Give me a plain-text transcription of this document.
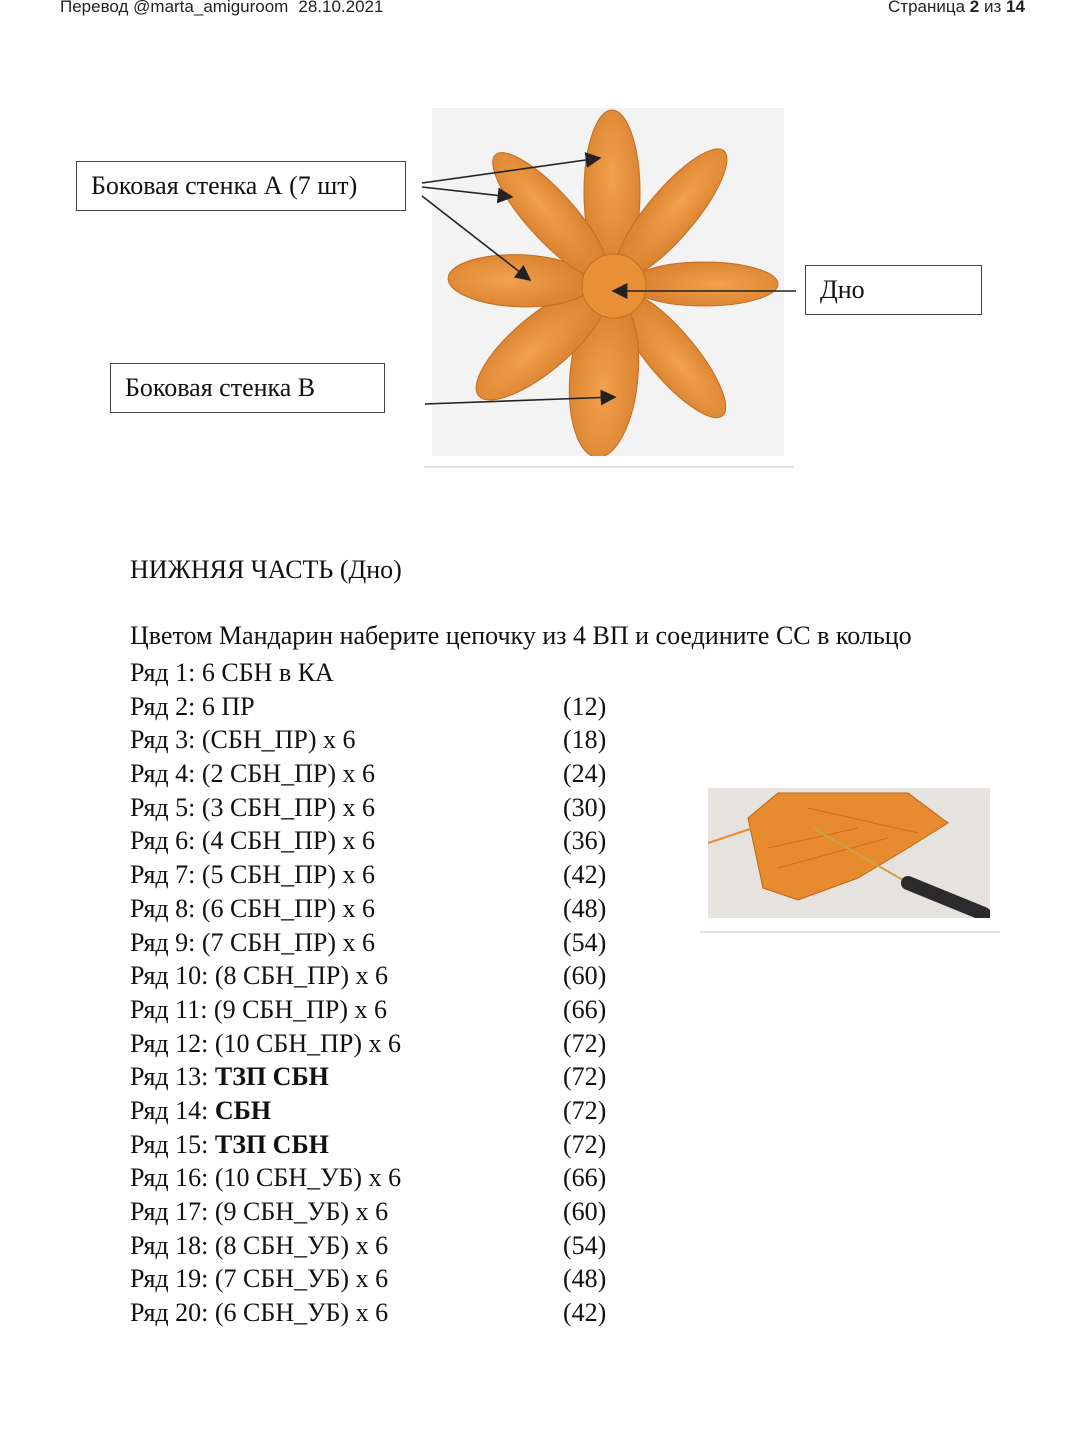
Перевод @marta_amiguroom 28.10.2021	Страница 2 из 14
Боковая стенка А (7 шт)
Боковая стенка В
Дно
НИЖНЯЯ ЧАСТЬ (Дно)
Цветом Мандарин наберите цепочку из 4 ВП и соедините СС в кольцо
Ряд 1: 6 СБН в КА
Ряд 2: 6 ПР	(12)
Ряд 3: (СБН_ПР) х 6	(18)
Ряд 4: (2 СБН_ПР) х 6	(24)
Ряд 5: (3 СБН_ПР) х 6	(30)
Ряд 6: (4 СБН_ПР) х 6	(36)
Ряд 7: (5 СБН_ПР) х 6	(42)
Ряд 8: (6 СБН_ПР) х 6	(48)
Ряд 9: (7 СБН_ПР) х 6	(54)
Ряд 10: (8 СБН_ПР) х 6	(60)
Ряд 11: (9 СБН_ПР) х 6	(66)
Ряд 12: (10 СБН_ПР) х 6	(72)
Ряд 13: ТЗП СБН	(72)
Ряд 14: СБН	(72)
Ряд 15: ТЗП СБН	(72)
Ряд 16: (10 СБН_УБ) х 6	(66)
Ряд 17: (9 СБН_УБ) х 6	(60)
Ряд 18: (8 СБН_УБ) х 6	(54)
Ряд 19: (7 СБН_УБ) х 6	(48)
Ряд 20: (6 СБН_УБ) х 6	(42)
